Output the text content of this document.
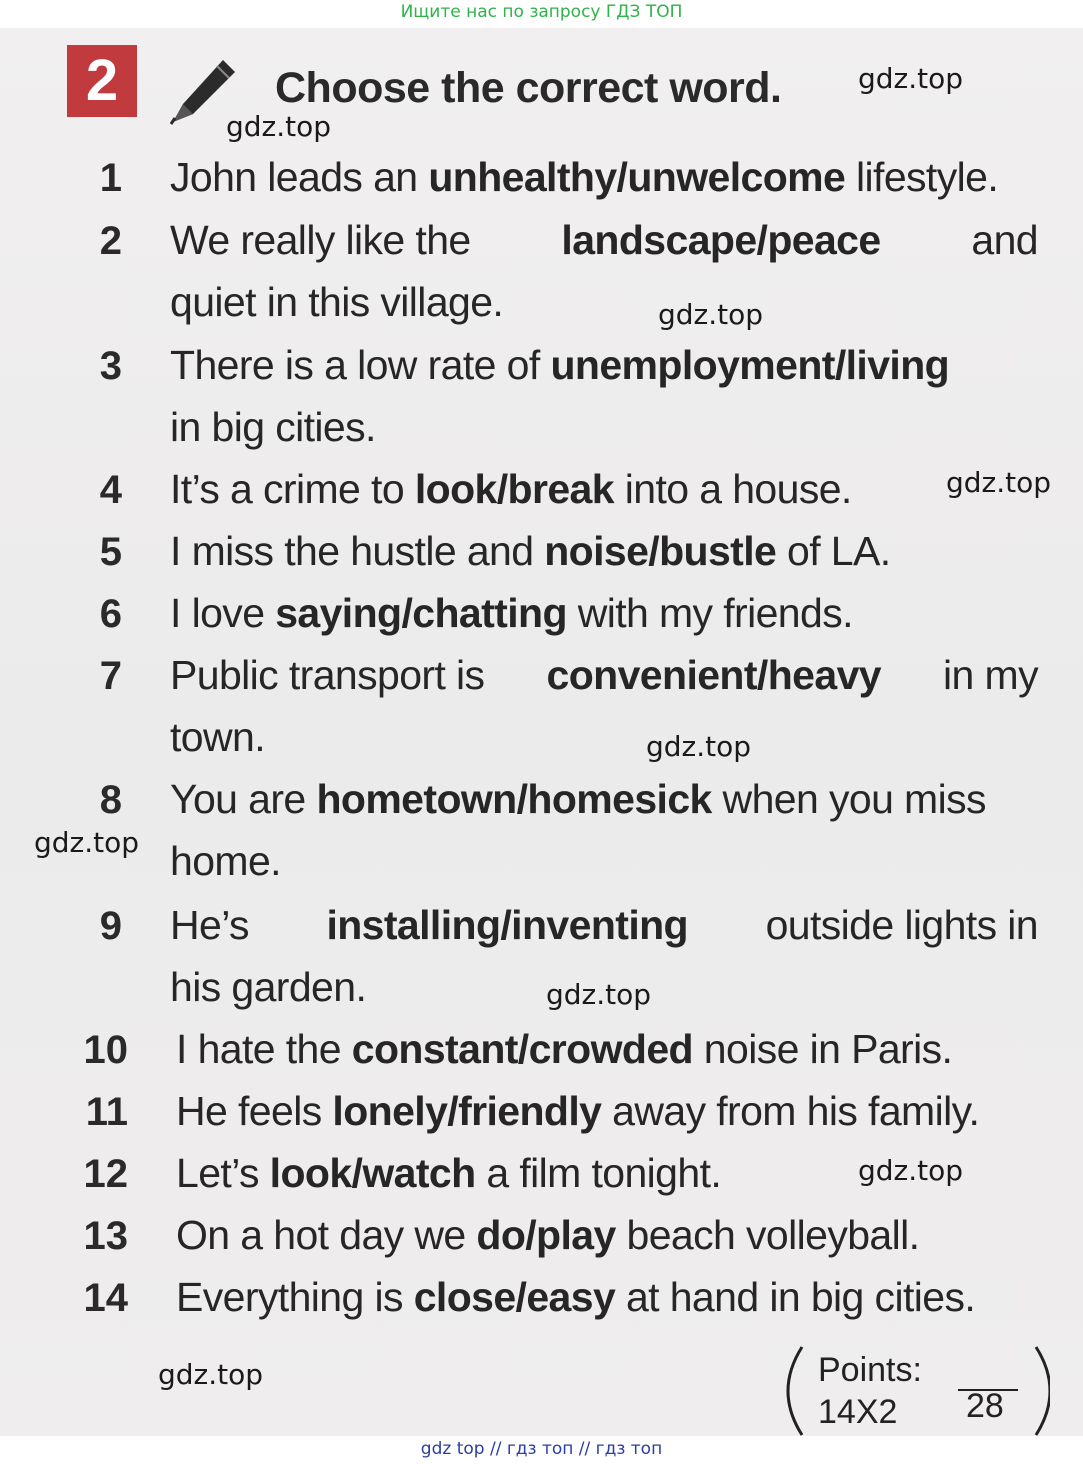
Ищите нас по запросу ГДЗ ТОП
2	Choose the correct word.
1 John leads an unhealthy/unwelcome lifestyle.
2 We really like the landscape/peace and
quiet in this village.
3 There is a low rate of unemployment/living
in big cities.
4 It’s a crime to look/break into a house.
5 I miss the hustle and noise/bustle of LA.
6 I love saying/chatting with my friends.
7 Public transport is convenient/heavy in my
town.
8 You are hometown/homesick when you miss
home.
9 He’s installing/inventing outside lights in
his garden.
10 I hate the constant/crowded noise in Paris.
11 He feels lonely/friendly away from his family.
12 Let’s look/watch a film tonight.
13 On a hot day we do/play beach volleyball.
14 Everything is close/easy at hand in big cities.
Points:
14X2 28
gdz.top
gdz.top
gdz.top
gdz.top
gdz.top
gdz.top
gdz.top
gdz.top
gdz.top
gdz top // гдз топ // гдз топ
